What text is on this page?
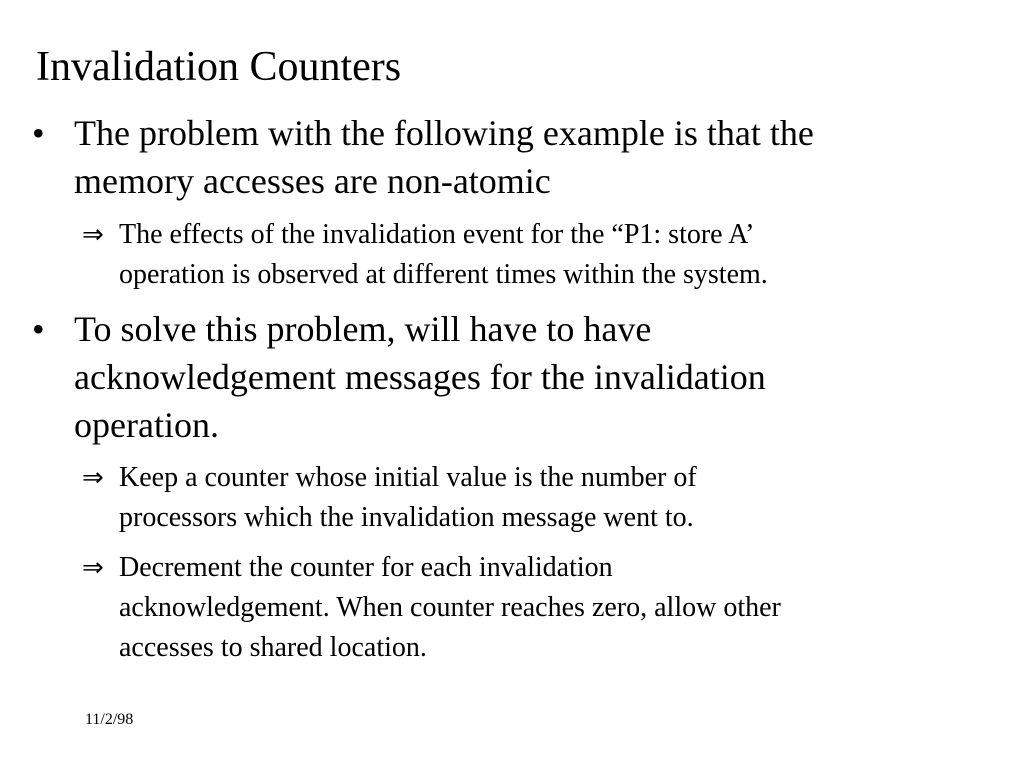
Invalidation Counters
• The problem with the following example is that the
memory accesses are non-atomic
⇒ The effects of the invalidation event for the “P1: store A’
operation is observed at different times within the system.
• To solve this problem, will have to have
acknowledgement messages for the invalidation
operation.
⇒ Keep a counter whose initial value is the number of
processors which the invalidation message went to.
⇒ Decrement the counter for each invalidation
acknowledgement. When counter reaches zero, allow other
accesses to shared location.
11/2/98
